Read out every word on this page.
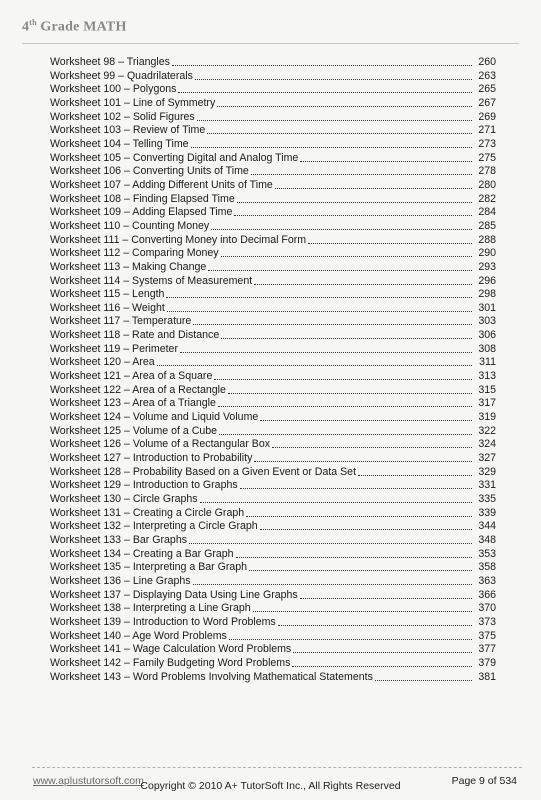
4th Grade MATH
Worksheet 98 – Triangles	260
Worksheet 99 – Quadrilaterals	263
Worksheet 100 – Polygons	265
Worksheet 101 – Line of Symmetry	267
Worksheet 102 – Solid Figures	269
Worksheet 103 – Review of Time	271
Worksheet 104 – Telling Time	273
Worksheet 105 – Converting Digital and Analog Time	275
Worksheet 106 – Converting Units of Time	278
Worksheet 107 – Adding Different Units of Time	280
Worksheet 108 – Finding Elapsed Time	282
Worksheet 109 – Adding Elapsed Time	284
Worksheet 110 – Counting Money	285
Worksheet 111 – Converting Money into Decimal Form	288
Worksheet 112 – Comparing Money	290
Worksheet 113 – Making Change	293
Worksheet 114 – Systems of Measurement	296
Worksheet 115 – Length	298
Worksheet 116 – Weight	301
Worksheet 117 – Temperature	303
Worksheet 118 – Rate and Distance	306
Worksheet 119 – Perimeter	308
Worksheet 120 – Area	311
Worksheet 121 – Area of a Square	313
Worksheet 122 – Area of a Rectangle	315
Worksheet 123 – Area of a Triangle	317
Worksheet 124 – Volume and Liquid Volume	319
Worksheet 125 – Volume of a Cube	322
Worksheet 126 – Volume of a Rectangular Box	324
Worksheet 127 – Introduction to Probability	327
Worksheet 128 – Probability Based on a Given Event or Data Set	329
Worksheet 129 – Introduction to Graphs	331
Worksheet 130 – Circle Graphs	335
Worksheet 131 – Creating a Circle Graph	339
Worksheet 132 – Interpreting a Circle Graph	344
Worksheet 133 – Bar Graphs	348
Worksheet 134 – Creating a Bar Graph	353
Worksheet 135 – Interpreting a Bar Graph	358
Worksheet 136 – Line Graphs	363
Worksheet 137 – Displaying Data Using Line Graphs	366
Worksheet 138 – Interpreting a Line Graph	370
Worksheet 139 – Introduction to Word Problems	373
Worksheet 140 – Age Word Problems	375
Worksheet 141 – Wage Calculation Word Problems	377
Worksheet 142 – Family Budgeting Word Problems	379
Worksheet 143 – Word Problems Involving Mathematical Statements	381
www.aplustutorsoft.com	Page 9 of 534
Copyright © 2010 A+ TutorSoft Inc., All Rights Reserved
